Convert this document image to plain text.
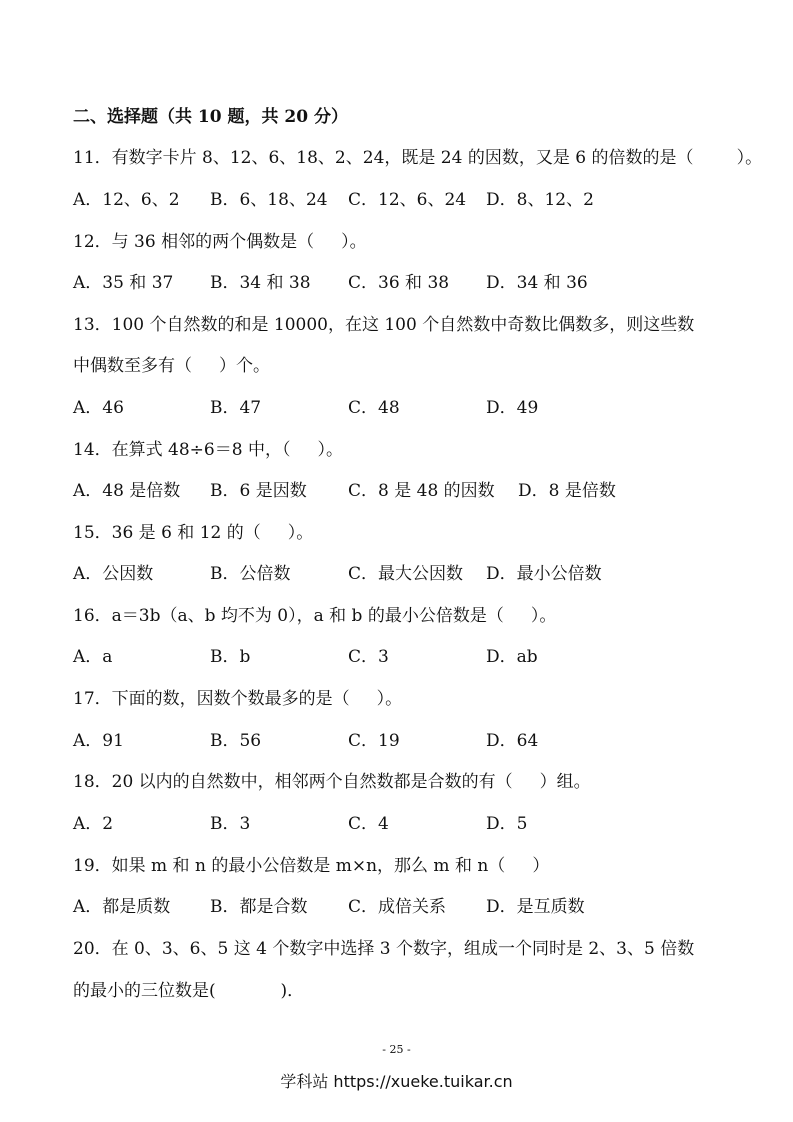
二、选择题（共 10 题，共 20 分）
11．有数字卡片 8、12、6、18、2、24，既是 24 的因数，又是 6 的倍数的是（        ）。
A．12、6、2 B．6、18、24 C．12、6、24 D．8、12、2
12．与 36 相邻的两个偶数是（     ）。
A．35 和 37 B．34 和 38 C．36 和 38 D．34 和 36
13．100 个自然数的和是 10000，在这 100 个自然数中奇数比偶数多，则这些数
中偶数至多有（     ）个。
A．46	B．47	C．48	D．49
14．在算式 48÷6＝8 中，（     ）。
A．48 是倍数 B．6 是因数 C．8 是 48 的因数 D．8 是倍数
15．36 是 6 和 12 的（     ）。
A．公因数	B．公倍数	C．最大公因数 D．最小公倍数
16．a＝3b（a、b 均不为 0），a 和 b 的最小公倍数是（     ）。
A．a	B．b	C．3	D．ab
17．下面的数，因数个数最多的是（     ）。
A．91	B．56	C．19	D．64
18．20 以内的自然数中，相邻两个自然数都是合数的有（     ）组。
A．2	B．3	C．4	D．5
19．如果 m 和 n 的最小公倍数是 m×n，那么 m 和 n（     ）
A．都是质数 B．都是合数 C．成倍关系 D．是互质数
20．在 0、3、6、5 这 4 个数字中选择 3 个数字，组成一个同时是 2、3、5 倍数
的最小的三位数是(            )．
- 25 -
学科站 https://xueke.tuikar.cn
